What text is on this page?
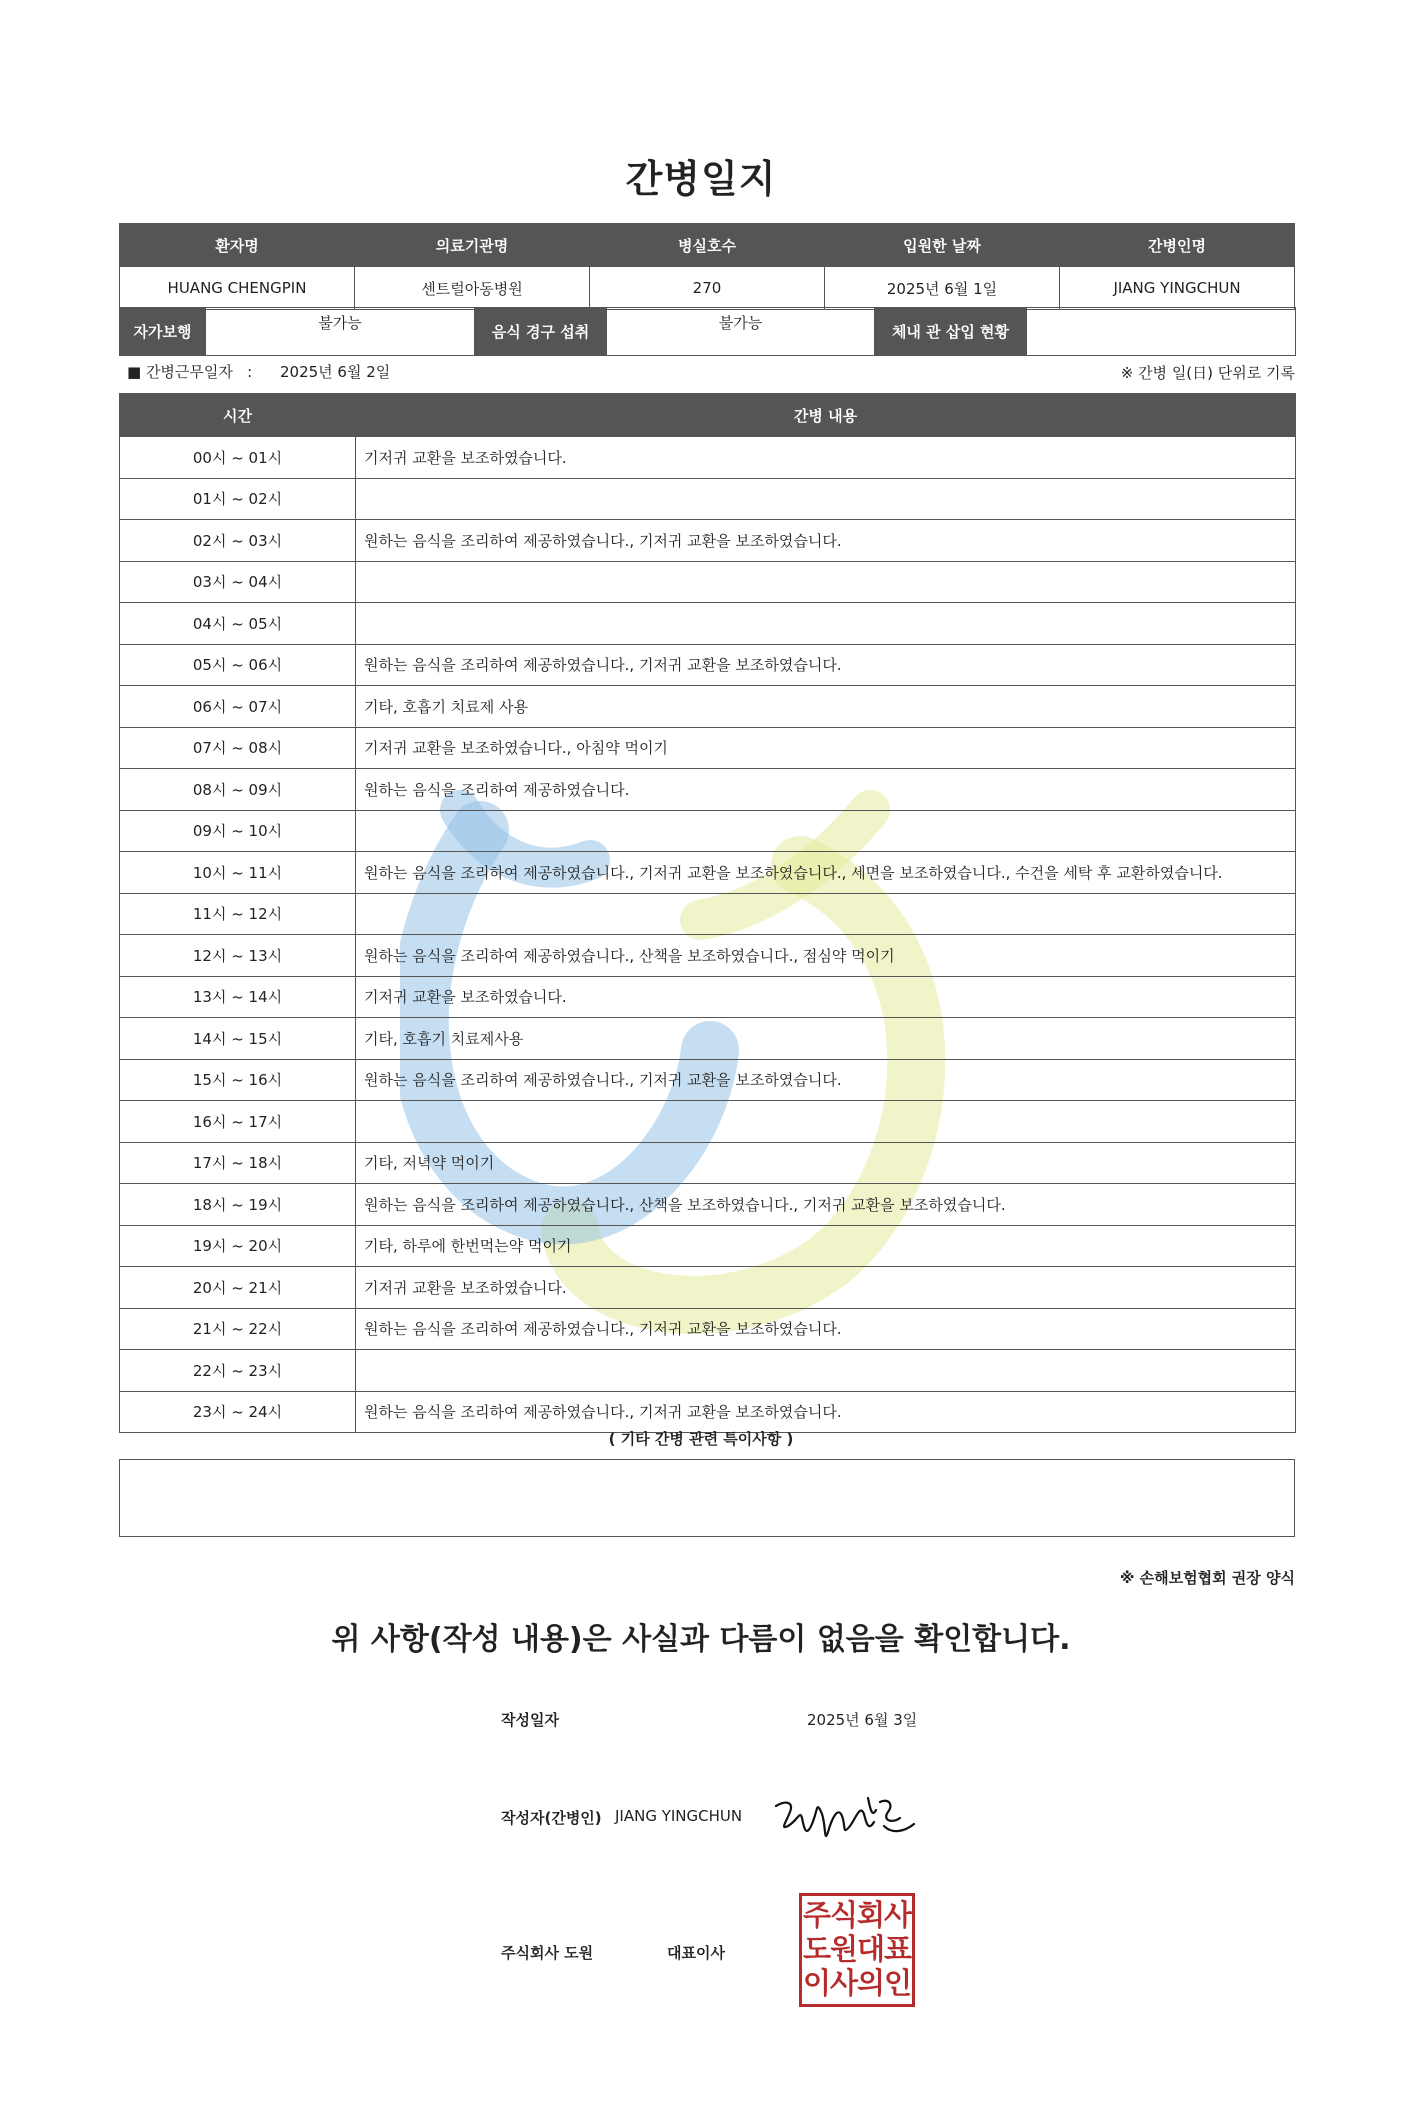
간병일지
환자명	의료기관명	병실호수	입원한 날짜	간병인명
HUANG CHENGPIN	센트럴아동병원	270	2025년 6월 1일	JIANG YINGCHUN
자가보행	불가능	음식 경구 섭취	불가능	체내 관 삽입 현황	
■ 간병근무일자   : 2025년 6월 2일	※ 간병 일(日) 단위로 기록
시간	간병 내용
00시 ~ 01시	기저귀 교환을 보조하였습니다.
01시 ~ 02시	
02시 ~ 03시	원하는 음식을 조리하여 제공하였습니다., 기저귀 교환을 보조하였습니다.
03시 ~ 04시	
04시 ~ 05시	
05시 ~ 06시	원하는 음식을 조리하여 제공하였습니다., 기저귀 교환을 보조하였습니다.
06시 ~ 07시	기타, 호흡기 치료제 사용
07시 ~ 08시	기저귀 교환을 보조하였습니다., 아침약 먹이기
08시 ~ 09시	원하는 음식을 조리하여 제공하였습니다.
09시 ~ 10시	
10시 ~ 11시	원하는 음식을 조리하여 제공하였습니다., 기저귀 교환을 보조하였습니다., 세면을 보조하였습니다., 수건을 세탁 후 교환하였습니다.
11시 ~ 12시	
12시 ~ 13시	원하는 음식을 조리하여 제공하였습니다., 산책을 보조하였습니다., 점심약 먹이기
13시 ~ 14시	기저귀 교환을 보조하였습니다.
14시 ~ 15시	기타, 호흡기 치료제사용
15시 ~ 16시	원하는 음식을 조리하여 제공하였습니다., 기저귀 교환을 보조하였습니다.
16시 ~ 17시	
17시 ~ 18시	기타, 저녁약 먹이기
18시 ~ 19시	원하는 음식을 조리하여 제공하였습니다., 산책을 보조하였습니다., 기저귀 교환을 보조하였습니다.
19시 ~ 20시	기타, 하루에 한번먹는약 먹이기
20시 ~ 21시	기저귀 교환을 보조하였습니다.
21시 ~ 22시	원하는 음식을 조리하여 제공하였습니다., 기저귀 교환을 보조하였습니다.
22시 ~ 23시	
23시 ~ 24시	원하는 음식을 조리하여 제공하였습니다., 기저귀 교환을 보조하였습니다.
( 기타 간병 관련 특이사항 )
※ 손해보험협회 권장 양식
위 사항(작성 내용)은 사실과 다름이 없음을 확인합니다.
작성일자	2025년 6월 3일
작성자(간병인) JIANG YINGCHUN
주식회사 도원	대표이사
주식회사
도원대표
이사의인
